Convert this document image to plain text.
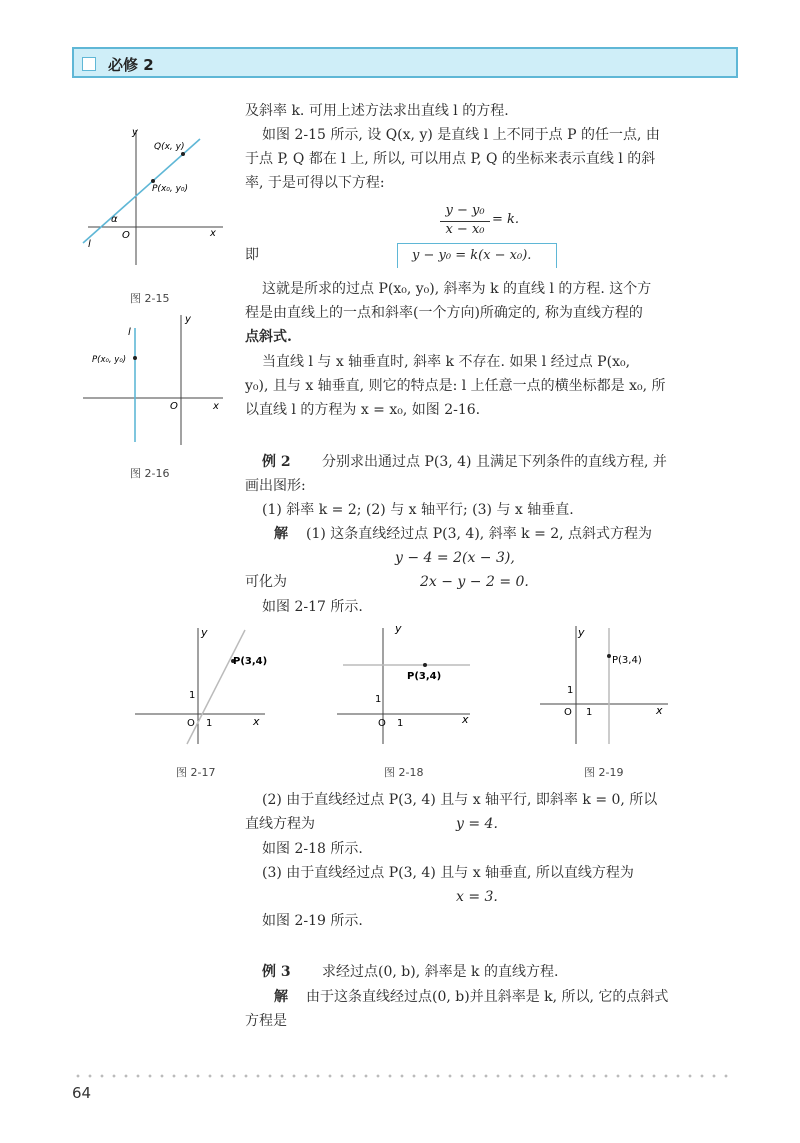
必修 2
y
x
O
l
α
Q(x, y)
P(x₀, y₀)
图 2-15
y
x
O
l
P(x₀, y₀)
图 2-16
及斜率 k. 可用上述方法求出直线 l 的方程.
如图 2-15 所示, 设 Q(x, y) 是直线 l 上不同于点 P 的任一点, 由
于点 P, Q 都在 l 上, 所以, 可以用点 P, Q 的坐标来表示直线 l 的斜
率, 于是可得以下方程:
y − y₀
x − x₀
= k.
即	y − y₀ = k(x − x₀).
这就是所求的过点 P(x₀, y₀), 斜率为 k 的直线 l 的方程. 这个方
程是由直线上的一点和斜率(一个方向)所确定的, 称为直线方程的
点斜式.
当直线 l 与 x 轴垂直时, 斜率 k 不存在. 如果 l 经过点 P(x₀,
y₀), 且与 x 轴垂直, 则它的特点是: l 上任意一点的横坐标都是 x₀, 所
以直线 l 的方程为 x = x₀, 如图 2-16.
例 2 分别求出通过点 P(3, 4) 且满足下列条件的直线方程, 并
画出图形:
(1) 斜率 k = 2; (2) 与 x 轴平行; (3) 与 x 轴垂直.
解 (1) 这条直线经过点 P(3, 4), 斜率 k = 2, 点斜式方程为
y − 4 = 2(x − 3),
可化为	2x − y − 2 = 0.
如图 2-17 所示.
y
x
O 1
1
P(3,4)
图 2-17
y
x
O 1
1
P(3,4)
图 2-18
y
x
O 1
1
P(3,4)
图 2-19
(2) 由于直线经过点 P(3, 4) 且与 x 轴平行, 即斜率 k = 0, 所以
直线方程为	y = 4.
如图 2-18 所示.
(3) 由于直线经过点 P(3, 4) 且与 x 轴垂直, 所以直线方程为
x = 3.
如图 2-19 所示.
例 3 求经过点(0, b), 斜率是 k 的直线方程.
解 由于这条直线经过点(0, b)并且斜率是 k, 所以, 它的点斜式
方程是
64
